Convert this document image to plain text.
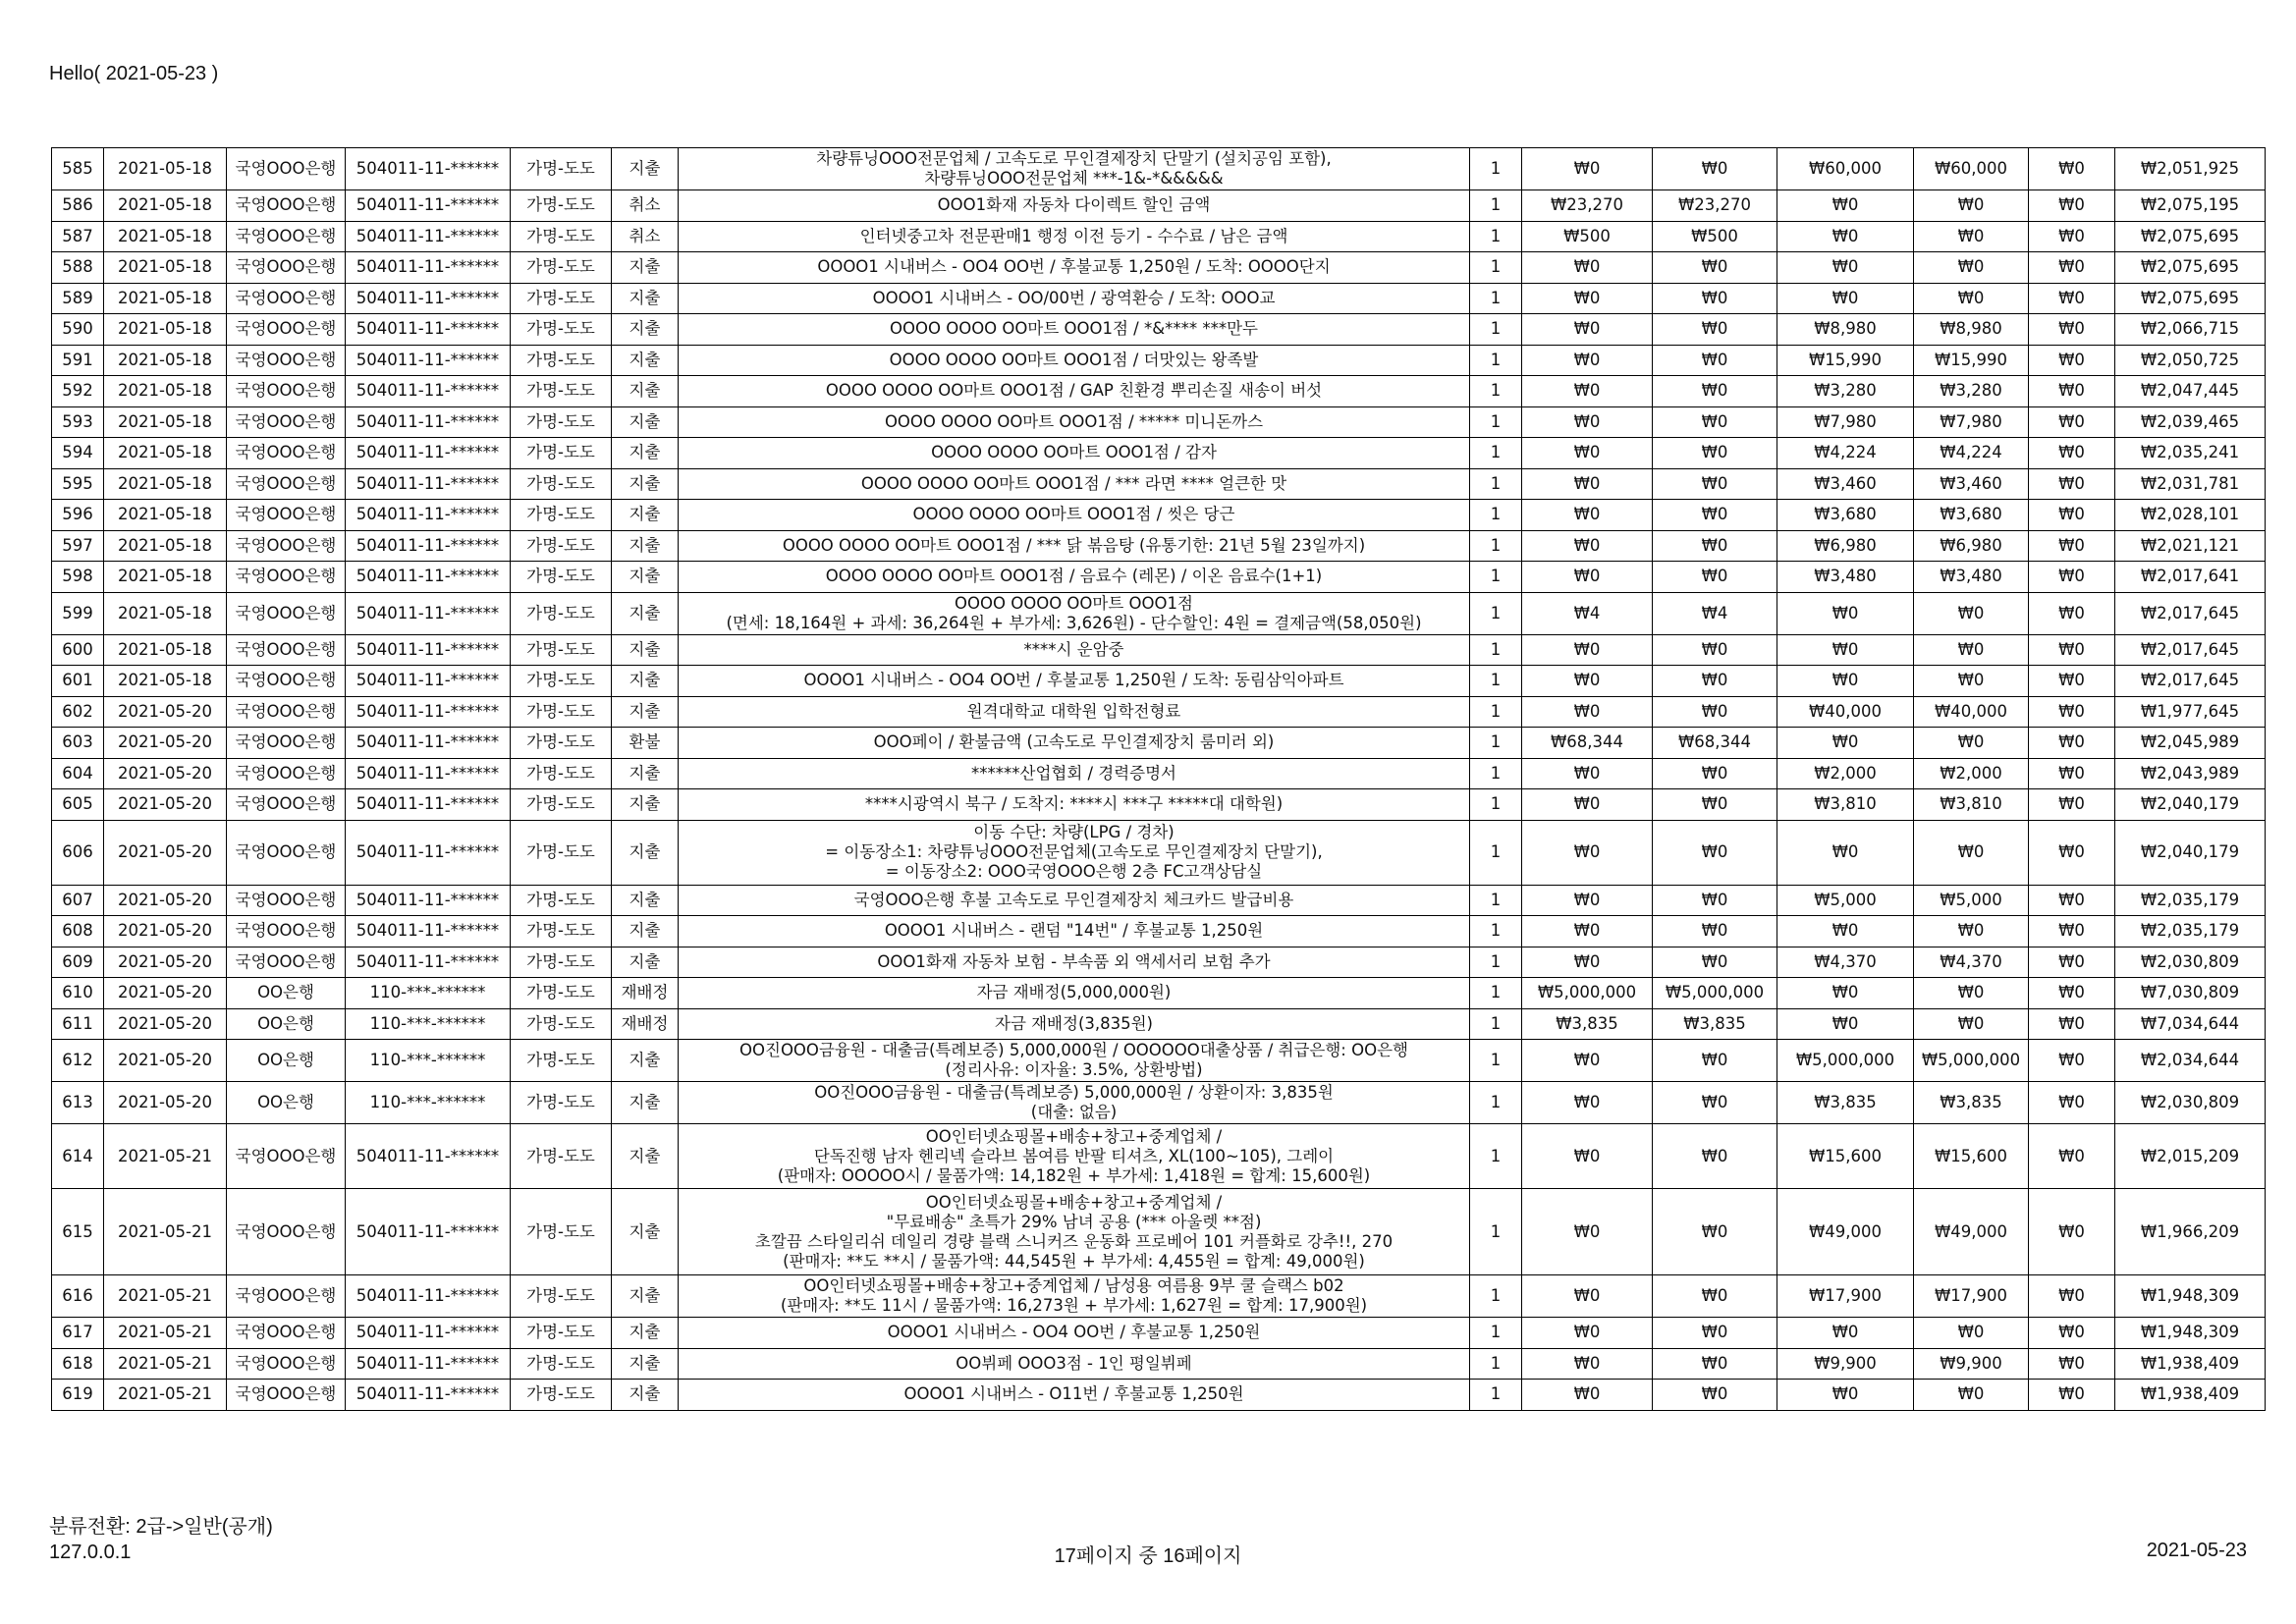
Hello( 2021-05-23 )
585	2021-05-18	국영OOO은행	504011-11-******	가명-도도	지출	차량튜닝OOO전문업체 / 고속도로 무인결제장치 단말기 (설치공임 포함),
차량튜닝OOO전문업체 ***-1&-*&&&&&	1	₩0	₩0	₩60,000	₩60,000	₩0	₩2,051,925
586	2021-05-18	국영OOO은행	504011-11-******	가명-도도	취소	OOO1화재 자동차 다이렉트 할인 금액	1	₩23,270	₩23,270	₩0	₩0	₩0	₩2,075,195
587	2021-05-18	국영OOO은행	504011-11-******	가명-도도	취소	인터넷중고차 전문판매1 행정 이전 등기 - 수수료 / 남은 금액	1	₩500	₩500	₩0	₩0	₩0	₩2,075,695
588	2021-05-18	국영OOO은행	504011-11-******	가명-도도	지출	OOOO1 시내버스 - OO4 OO번 / 후불교통 1,250원 / 도착: OOOO단지	1	₩0	₩0	₩0	₩0	₩0	₩2,075,695
589	2021-05-18	국영OOO은행	504011-11-******	가명-도도	지출	OOOO1 시내버스 - OO/00번 / 광역환승 / 도착: OOO교	1	₩0	₩0	₩0	₩0	₩0	₩2,075,695
590	2021-05-18	국영OOO은행	504011-11-******	가명-도도	지출	OOOO OOOO OO마트 OOO1점 / *&**** ***만두	1	₩0	₩0	₩8,980	₩8,980	₩0	₩2,066,715
591	2021-05-18	국영OOO은행	504011-11-******	가명-도도	지출	OOOO OOOO OO마트 OOO1점 / 더맛있는 왕족발	1	₩0	₩0	₩15,990	₩15,990	₩0	₩2,050,725
592	2021-05-18	국영OOO은행	504011-11-******	가명-도도	지출	OOOO OOOO OO마트 OOO1점 / GAP 친환경 뿌리손질 새송이 버섯	1	₩0	₩0	₩3,280	₩3,280	₩0	₩2,047,445
593	2021-05-18	국영OOO은행	504011-11-******	가명-도도	지출	OOOO OOOO OO마트 OOO1점 / ***** 미니돈까스	1	₩0	₩0	₩7,980	₩7,980	₩0	₩2,039,465
594	2021-05-18	국영OOO은행	504011-11-******	가명-도도	지출	OOOO OOOO OO마트 OOO1점 / 감자	1	₩0	₩0	₩4,224	₩4,224	₩0	₩2,035,241
595	2021-05-18	국영OOO은행	504011-11-******	가명-도도	지출	OOOO OOOO OO마트 OOO1점 / *** 라면 **** 얼큰한 맛	1	₩0	₩0	₩3,460	₩3,460	₩0	₩2,031,781
596	2021-05-18	국영OOO은행	504011-11-******	가명-도도	지출	OOOO OOOO OO마트 OOO1점 / 씻은 당근	1	₩0	₩0	₩3,680	₩3,680	₩0	₩2,028,101
597	2021-05-18	국영OOO은행	504011-11-******	가명-도도	지출	OOOO OOOO OO마트 OOO1점 / *** 닭 볶음탕 (유통기한: 21년 5월 23일까지)	1	₩0	₩0	₩6,980	₩6,980	₩0	₩2,021,121
598	2021-05-18	국영OOO은행	504011-11-******	가명-도도	지출	OOOO OOOO OO마트 OOO1점 / 음료수 (레몬) / 이온 음료수(1+1)	1	₩0	₩0	₩3,480	₩3,480	₩0	₩2,017,641
599	2021-05-18	국영OOO은행	504011-11-******	가명-도도	지출	OOOO OOOO OO마트 OOO1점
(면세: 18,164원 + 과세: 36,264원 + 부가세: 3,626원) - 단수할인: 4원 = 결제금액(58,050원)	1	₩4	₩4	₩0	₩0	₩0	₩2,017,645
600	2021-05-18	국영OOO은행	504011-11-******	가명-도도	지출	****시 운암중	1	₩0	₩0	₩0	₩0	₩0	₩2,017,645
601	2021-05-18	국영OOO은행	504011-11-******	가명-도도	지출	OOOO1 시내버스 - OO4 OO번 / 후불교통 1,250원 / 도착: 동림삼익아파트	1	₩0	₩0	₩0	₩0	₩0	₩2,017,645
602	2021-05-20	국영OOO은행	504011-11-******	가명-도도	지출	원격대학교 대학원 입학전형료	1	₩0	₩0	₩40,000	₩40,000	₩0	₩1,977,645
603	2021-05-20	국영OOO은행	504011-11-******	가명-도도	환불	OOO페이 / 환불금액 (고속도로 무인결제장치 룸미러 외)	1	₩68,344	₩68,344	₩0	₩0	₩0	₩2,045,989
604	2021-05-20	국영OOO은행	504011-11-******	가명-도도	지출	******산업협회 / 경력증명서	1	₩0	₩0	₩2,000	₩2,000	₩0	₩2,043,989
605	2021-05-20	국영OOO은행	504011-11-******	가명-도도	지출	****시광역시 북구 / 도착지: ****시 ***구 *****대 대학원)	1	₩0	₩0	₩3,810	₩3,810	₩0	₩2,040,179
606	2021-05-20	국영OOO은행	504011-11-******	가명-도도	지출	이동 수단: 차량(LPG / 경차)
= 이동장소1: 차량튜닝OOO전문업체(고속도로 무인결제장치 단말기),
= 이동장소2: OOO국영OOO은행 2층 FC고객상담실	1	₩0	₩0	₩0	₩0	₩0	₩2,040,179
607	2021-05-20	국영OOO은행	504011-11-******	가명-도도	지출	국영OOO은행 후불 고속도로 무인결제장치 체크카드 발급비용	1	₩0	₩0	₩5,000	₩5,000	₩0	₩2,035,179
608	2021-05-20	국영OOO은행	504011-11-******	가명-도도	지출	OOOO1 시내버스 - 랜덤 "14번" / 후불교통 1,250원	1	₩0	₩0	₩0	₩0	₩0	₩2,035,179
609	2021-05-20	국영OOO은행	504011-11-******	가명-도도	지출	OOO1화재 자동차 보험 - 부속품 외 액세서리 보험 추가	1	₩0	₩0	₩4,370	₩4,370	₩0	₩2,030,809
610	2021-05-20	OO은행	110-***-******	가명-도도	재배정	자금 재배정(5,000,000원)	1	₩5,000,000	₩5,000,000	₩0	₩0	₩0	₩7,030,809
611	2021-05-20	OO은행	110-***-******	가명-도도	재배정	자금 재배정(3,835원)	1	₩3,835	₩3,835	₩0	₩0	₩0	₩7,034,644
612	2021-05-20	OO은행	110-***-******	가명-도도	지출	OO진OOO금융원 - 대출금(특례보증) 5,000,000원 / OOOOOO대출상품 / 취급은행: OO은행
(정리사유: 이자율: 3.5%, 상환방법)	1	₩0	₩0	₩5,000,000	₩5,000,000	₩0	₩2,034,644
613	2021-05-20	OO은행	110-***-******	가명-도도	지출	OO진OOO금융원 - 대출금(특례보증) 5,000,000원 / 상환이자: 3,835원
(대출: 없음)	1	₩0	₩0	₩3,835	₩3,835	₩0	₩2,030,809
614	2021-05-21	국영OOO은행	504011-11-******	가명-도도	지출	OO인터넷쇼핑몰+배송+창고+중계업체 /
단독진행 남자 헨리넥 슬라브 봄여름 반팔 티셔츠, XL(100~105), 그레이
(판매자: OOOOO시 / 물품가액: 14,182원 + 부가세: 1,418원 = 합계: 15,600원)	1	₩0	₩0	₩15,600	₩15,600	₩0	₩2,015,209
615	2021-05-21	국영OOO은행	504011-11-******	가명-도도	지출	OO인터넷쇼핑몰+배송+창고+중계업체 /
"무료배송" 초특가 29% 남녀 공용 (*** 아울렛 **점)
초깔끔 스타일리쉬 데일리 경량 블랙 스니커즈 운동화 프로베어 101 커플화로 강추!!, 270
(판매자: **도 **시 / 물품가액: 44,545원 + 부가세: 4,455원 = 합계: 49,000원)	1	₩0	₩0	₩49,000	₩49,000	₩0	₩1,966,209
616	2021-05-21	국영OOO은행	504011-11-******	가명-도도	지출	OO인터넷쇼핑몰+배송+창고+중계업체 / 남성용 여름용 9부 쿨 슬랙스 b02
(판매자: **도 11시 / 물품가액: 16,273원 + 부가세: 1,627원 = 합계: 17,900원)	1	₩0	₩0	₩17,900	₩17,900	₩0	₩1,948,309
617	2021-05-21	국영OOO은행	504011-11-******	가명-도도	지출	OOOO1 시내버스 - OO4 OO번 / 후불교통 1,250원	1	₩0	₩0	₩0	₩0	₩0	₩1,948,309
618	2021-05-21	국영OOO은행	504011-11-******	가명-도도	지출	OO뷔페 OOO3점 - 1인 평일뷔페	1	₩0	₩0	₩9,900	₩9,900	₩0	₩1,938,409
619	2021-05-21	국영OOO은행	504011-11-******	가명-도도	지출	OOOO1 시내버스 - O11번 / 후불교통 1,250원	1	₩0	₩0	₩0	₩0	₩0	₩1,938,409
분류전환: 2급->일반(공개)
127.0.0.1	17페이지 중 16페이지	2021-05-23
